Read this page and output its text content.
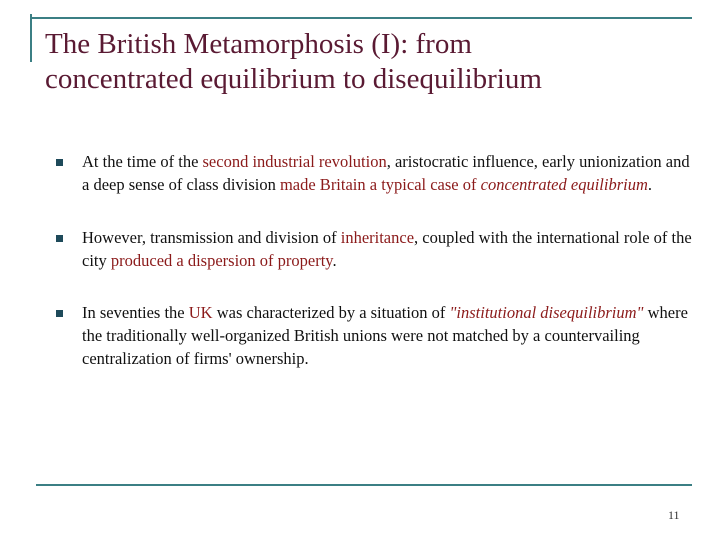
The British Metamorphosis (I): from
concentrated equilibrium to disequilibrium
At the time of the second industrial revolution, aristocratic influence, early unionization and a deep sense of class division made Britain a typical case of concentrated equilibrium.
However, transmission and division of inheritance, coupled with the international role of the city produced a dispersion of property.
In seventies the UK was characterized by a situation of "institutional disequilibrium" where the traditionally well-organized British unions were not matched by a countervailing centralization of firms' ownership.
11
